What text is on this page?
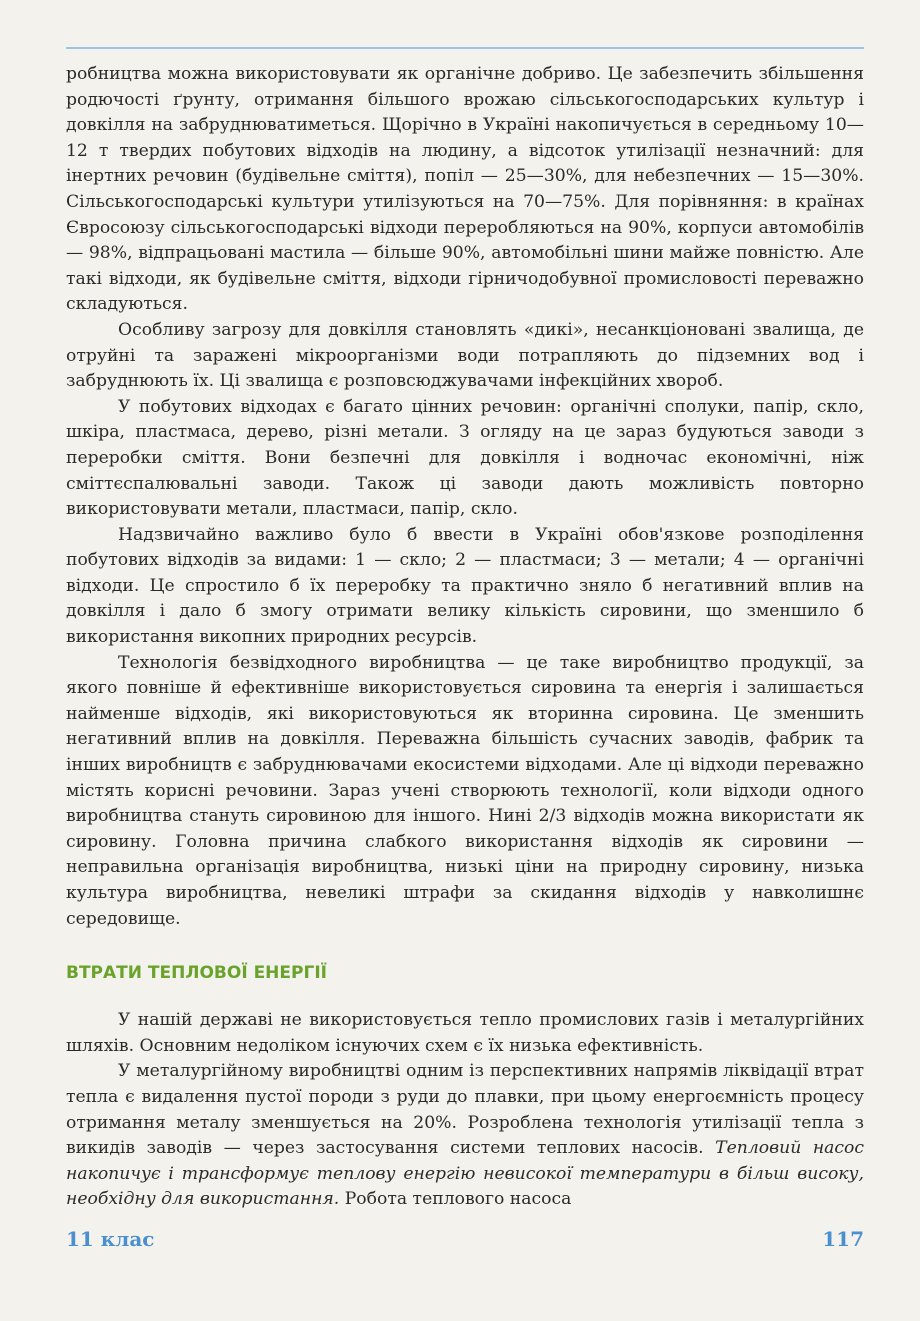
робництва можна використовувати як органічне добриво. Це забезпечить збільшення родючості ґрунту, отримання більшого врожаю сільськогосподарських культур і довкілля на забруднюватиметься. Щорічно в Україні накопичується в середньому 10—12 т твердих побутових відходів на людину, а відсоток утилізації незначний: для інертних речовин (будівельне сміття), попіл — 25—30%, для небезпечних — 15—30%. Сільськогосподарські культури утилізуються на 70—75%. Для порівняння: в країнах Євросоюзу сільськогосподарські відходи переробляються на 90%, корпуси автомобілів — 98%, відпрацьовані мастила — більше 90%, автомобільні шини майже повністю. Але такі відходи, як будівельне сміття, відходи гірничодобувної промисловості переважно складуються.

Особливу загрозу для довкілля становлять «дикі», несанкціоновані звалища, де отруйні та заражені мікроорганізми води потрапляють до підземних вод і забруднюють їх. Ці звалища є розповсюджувачами інфекційних хвороб.

У побутових відходах є багато цінних речовин: органічні сполуки, папір, скло, шкіра, пластмаса, дерево, різні метали. З огляду на це зараз будуються заводи з переробки сміття. Вони безпечні для довкілля і водночас економічні, ніж сміттєспалювальні заводи. Також ці заводи дають можливість повторно використовувати метали, пластмаси, папір, скло.

Надзвичайно важливо було б ввести в Україні обов'язкове розподілення побутових відходів за видами: 1 — скло; 2 — пластмаси; 3 — метали; 4 — органічні відходи. Це спростило б їх переробку та практично зняло б негативний вплив на довкілля і дало б змогу отримати велику кількість сировини, що зменшило б використання викопних природних ресурсів.

Технологія безвідходного виробництва — це таке виробництво продукції, за якого повніше й ефективніше використовується сировина та енергія і залишається найменше відходів, які використовуються як вторинна сировина. Це зменшить негативний вплив на довкілля. Переважна більшість сучасних заводів, фабрик та інших виробництв є забруднювачами екосистеми відходами. Але ці відходи переважно містять корисні речовини. Зараз учені створюють технології, коли відходи одного виробництва стануть сировиною для іншого. Нині 2/3 відходів можна використати як сировину. Головна причина слабкого використання відходів як сировини — неправильна організація виробництва, низькі ціни на природну сировину, низька культура виробництва, невеликі штрафи за скидання відходів у навколишнє середовище.

ВТРАТИ ТЕПЛОВОЇ ЕНЕРГІЇ

У нашій державі не використовується тепло промислових газів і металургійних шляхів. Основним недоліком існуючих схем є їх низька ефективність.

У металургійному виробництві одним із перспективних напрямів ліквідації втрат тепла є видалення пустої породи з руди до плавки, при цьому енергоємність процесу отримання металу зменшується на 20%. Розроблена технологія утилізації тепла з викидів заводів — через застосування системи теплових насосів. Тепловий насос накопичує і трансформує теплову енергію невисокої температури в більш високу, необхідну для використання. Робота теплового насоса

11 клас	117
